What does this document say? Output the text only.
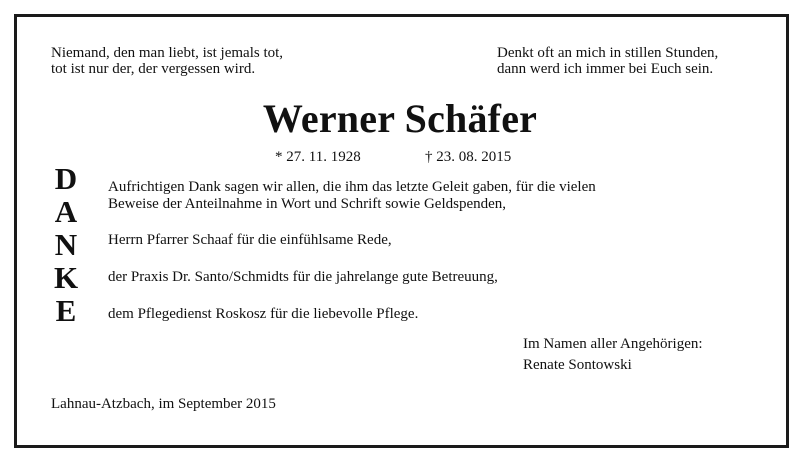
Niemand, den man liebt, ist jemals tot,
tot ist nur der, der vergessen wird.
Denkt oft an mich in stillen Stunden,
dann werd ich immer bei Euch sein.
Werner Schäfer
* 27. 11. 1928	† 23. 08. 2015
D
A
N
K
E
Aufrichtigen Dank sagen wir allen, die ihm das letzte Geleit gaben, für die vielen
Beweise der Anteilnahme in Wort und Schrift sowie Geldspenden,
Herrn Pfarrer Schaaf für die einfühlsame Rede,
der Praxis Dr. Santo/Schmidts für die jahrelange gute Betreuung,
dem Pflegedienst Roskosz für die liebevolle Pflege.
Im Namen aller Angehörigen:
Renate Sontowski
Lahnau-Atzbach, im September 2015
